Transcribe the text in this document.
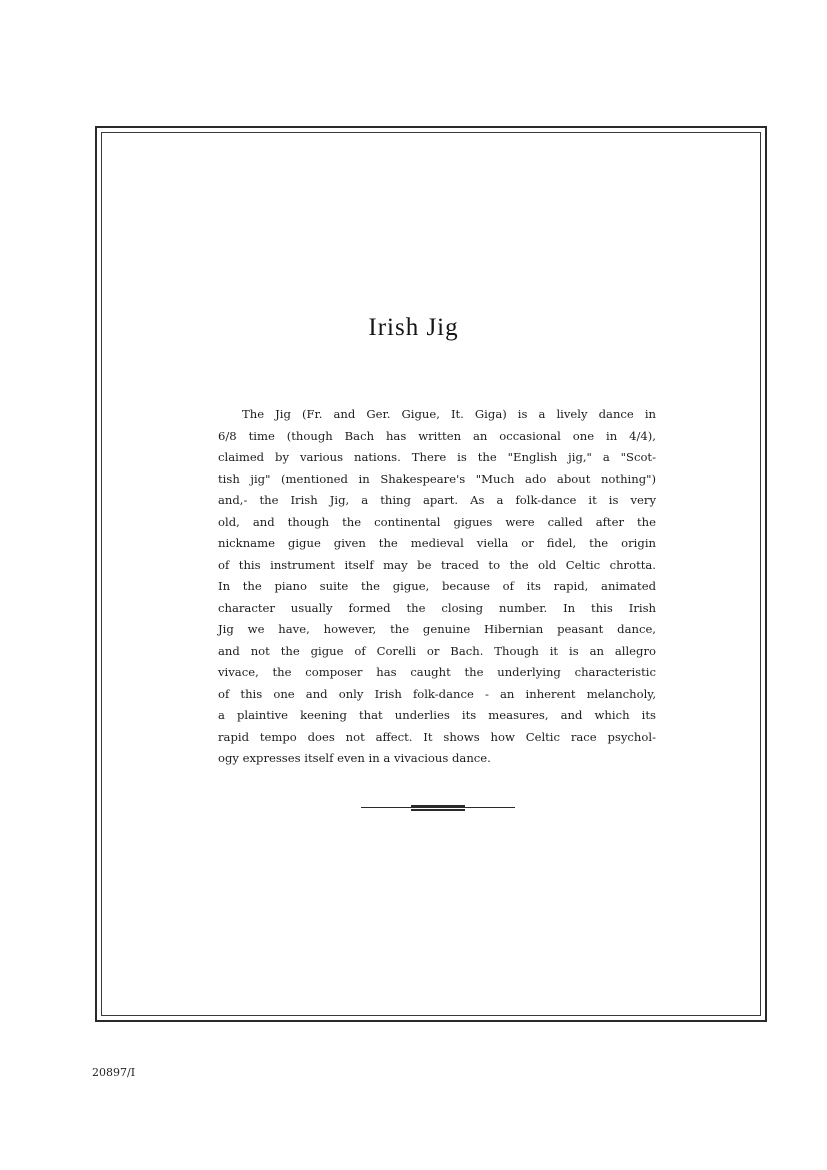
Irish Jig
The Jig (Fr. and Ger. Gigue, It. Giga) is a lively dance in
6/8 time (though Bach has written an occasional one in 4/4),
claimed by various nations. There is the "English jig," a "Scot-
tish jig" (mentioned in Shakespeare's "Much ado about nothing")
and,- the Irish Jig, a thing apart. As a folk-dance it is very
old, and though the continental gigues were called after the
nickname gigue given the medieval viella or fidel, the origin
of this instrument itself may be traced to the old Celtic chrotta.
In the piano suite the gigue, because of its rapid, animated
character usually formed the closing number. In this Irish
Jig we have, however, the genuine Hibernian peasant dance,
and not the gigue of Corelli or Bach. Though it is an allegro
vivace, the composer has caught the underlying characteristic
of this one and only Irish folk-dance - an inherent melancholy,
a plaintive keening that underlies its measures, and which its
rapid tempo does not affect. It shows how Celtic race psychol-
ogy expresses itself even in a vivacious dance.
20897/I
